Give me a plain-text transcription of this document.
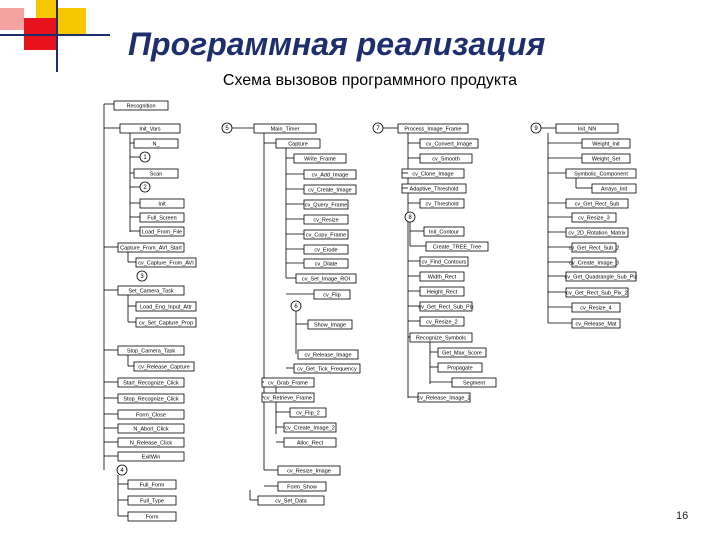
Программная реализация
Схема вызовов программного продукта
Recognition
Init_Vars
N_
1
Scan
2
Init
Full_Screen
Load_From_File
Capture_From_AVI_Start
cv_Capture_From_AVI
3
Set_Camera_Task
Load_Eng_Input_Attr
cv_Set_Capture_Prop
Stop_Camera_Task
cv_Release_Capture
Start_Recognize_Click
Stop_Recognize_Click
Form_Close
N_Abort_Click
N_Release_Click
ExitWin
4
Full_Form
Full_Type
Form
5	Main_Timer
Capture
Write_Frame
cv_Add_Image
cv_Create_Image
cv_Query_Frame
cv_Resize
cv_Copy_Frame
cv_Erode
cv_Dilate
cv_Set_Image_ROI
cv_Flip
6
Show_Image
cv_Release_Image
cv_Get_Tick_Frequency
cv_Grab_Frame
cv_Retrieve_Frame
cv_Flip_2
cv_Create_Image_2
Alloc_Rect
cv_Resize_Image
Form_Show
cv_Set_Data
7	Process_Image_Frame
cv_Convert_Image
cv_Smooth
cv_Clone_Image
Adaptive_Threshold
cv_Threshold
8
Init_Contour
Create_TREE_Tree
cv_Find_Contours
Width_Rect
Height_Rect
cv_Get_Rect_Sub_Pix
cv_Resize_2
Recognize_Symbols
Get_Max_Score
Propagate
Segment
cv_Release_Image_2
9	Init_NN
Weight_Init
Weight_Set
Symbolic_Component
Arrays_Init
cv_Get_Rect_Sub
cv_Resize_3
cv_2D_Rotation_Matrix
cv_Get_Rect_Sub_2
cv_Create_Image_3
cv_Get_Quadrangle_Sub_Pix
cv_Get_Rect_Sub_Pix_2
cv_Resize_4
cv_Release_Mat
16
